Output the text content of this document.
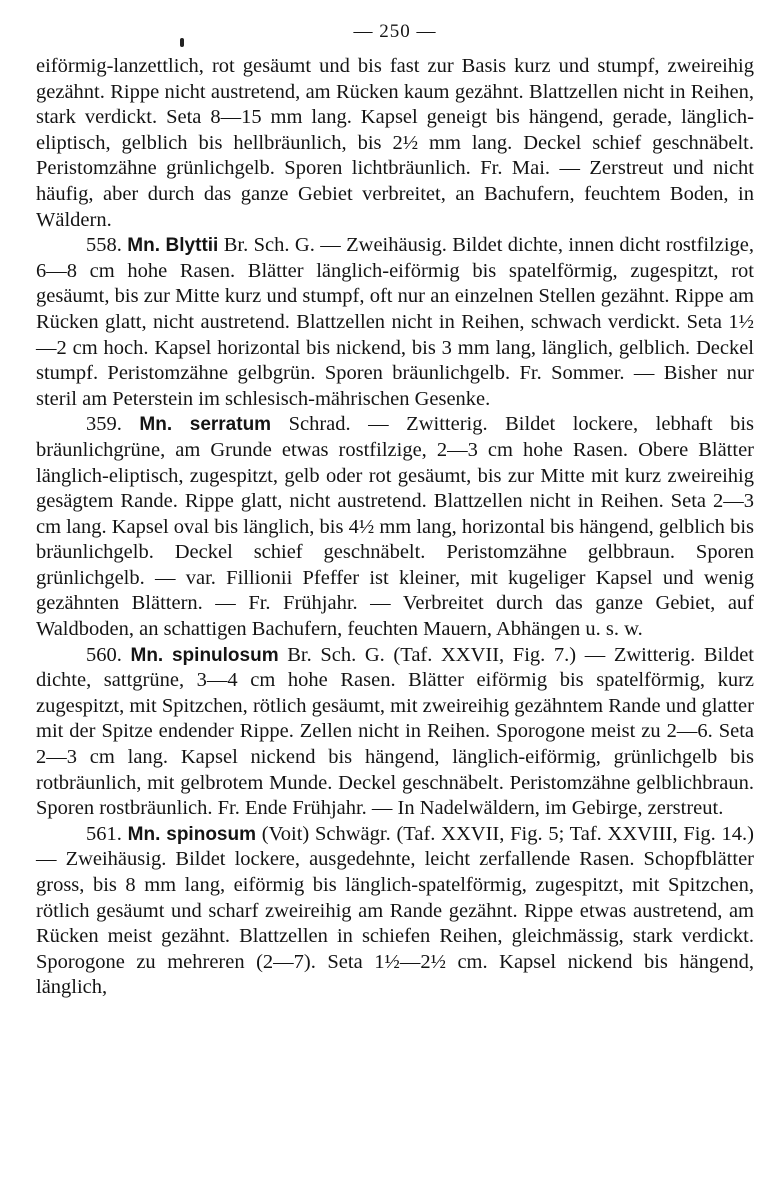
— 250 —

eiförmig-lanzettlich, rot gesäumt und bis fast zur Basis kurz und stumpf, zweireihig gezähnt. Rippe nicht austretend, am Rücken kaum gezähnt. Blattzellen nicht in Reihen, stark verdickt. Seta 8—15 mm lang. Kapsel geneigt bis hängend, gerade, länglich-eliptisch, gelblich bis hellbräunlich, bis 2½ mm lang. Deckel schief geschnäbelt. Peristomzähne grünlichgelb. Sporen lichtbräunlich. Fr. Mai. — Zerstreut und nicht häufig, aber durch das ganze Gebiet verbreitet, an Bachufern, feuchtem Boden, in Wäldern.

558. Mn. Blyttii Br. Sch. G. — Zweihäusig. Bildet dichte, innen dicht rostfilzige, 6—8 cm hohe Rasen. Blätter länglich-eiförmig bis spatelförmig, zugespitzt, rot gesäumt, bis zur Mitte kurz und stumpf, oft nur an einzelnen Stellen gezähnt. Rippe am Rücken glatt, nicht austretend. Blattzellen nicht in Reihen, schwach verdickt. Seta 1½—2 cm hoch. Kapsel horizontal bis nickend, bis 3 mm lang, länglich, gelblich. Deckel stumpf. Peristomzähne gelbgrün. Sporen bräunlichgelb. Fr. Sommer. — Bisher nur steril am Peterstein im schlesisch-mährischen Gesenke.

359. Mn. serratum Schrad. — Zwitterig. Bildet lockere, lebhaft bis bräunlichgrüne, am Grunde etwas rostfilzige, 2—3 cm hohe Rasen. Obere Blätter länglich-eliptisch, zugespitzt, gelb oder rot gesäumt, bis zur Mitte mit kurz zweireihig gesägtem Rande. Rippe glatt, nicht austretend. Blattzellen nicht in Reihen. Seta 2—3 cm lang. Kapsel oval bis länglich, bis 4½ mm lang, horizontal bis hängend, gelblich bis bräunlichgelb. Deckel schief geschnäbelt. Peristomzähne gelbbraun. Sporen grünlichgelb. — var. Fillionii Pfeffer ist kleiner, mit kugeliger Kapsel und wenig gezähnten Blättern. — Fr. Frühjahr. — Verbreitet durch das ganze Gebiet, auf Waldboden, an schattigen Bachufern, feuchten Mauern, Abhängen u. s. w.

560. Mn. spinulosum Br. Sch. G. (Taf. XXVII, Fig. 7.) — Zwitterig. Bildet dichte, sattgrüne, 3—4 cm hohe Rasen. Blätter eiförmig bis spatelförmig, kurz zugespitzt, mit Spitzchen, rötlich gesäumt, mit zweireihig gezähntem Rande und glatter mit der Spitze endender Rippe. Zellen nicht in Reihen. Sporogone meist zu 2—6. Seta 2—3 cm lang. Kapsel nickend bis hängend, länglich-eiförmig, grünlichgelb bis rotbräunlich, mit gelbrotem Munde. Deckel geschnäbelt. Peristomzähne gelblichbraun. Sporen rostbräunlich. Fr. Ende Frühjahr. — In Nadelwäldern, im Gebirge, zerstreut.

561. Mn. spinosum (Voit) Schwägr. (Taf. XXVII, Fig. 5; Taf. XXVIII, Fig. 14.) — Zweihäusig. Bildet lockere, ausgedehnte, leicht zerfallende Rasen. Schopfblätter gross, bis 8 mm lang, eiförmig bis länglich-spatelförmig, zugespitzt, mit Spitzchen, rötlich gesäumt und scharf zweireihig am Rande gezähnt. Rippe etwas austretend, am Rücken meist gezähnt. Blattzellen in schiefen Reihen, gleichmässig, stark verdickt. Sporogone zu mehreren (2—7). Seta 1½—2½ cm. Kapsel nickend bis hängend, länglich,
